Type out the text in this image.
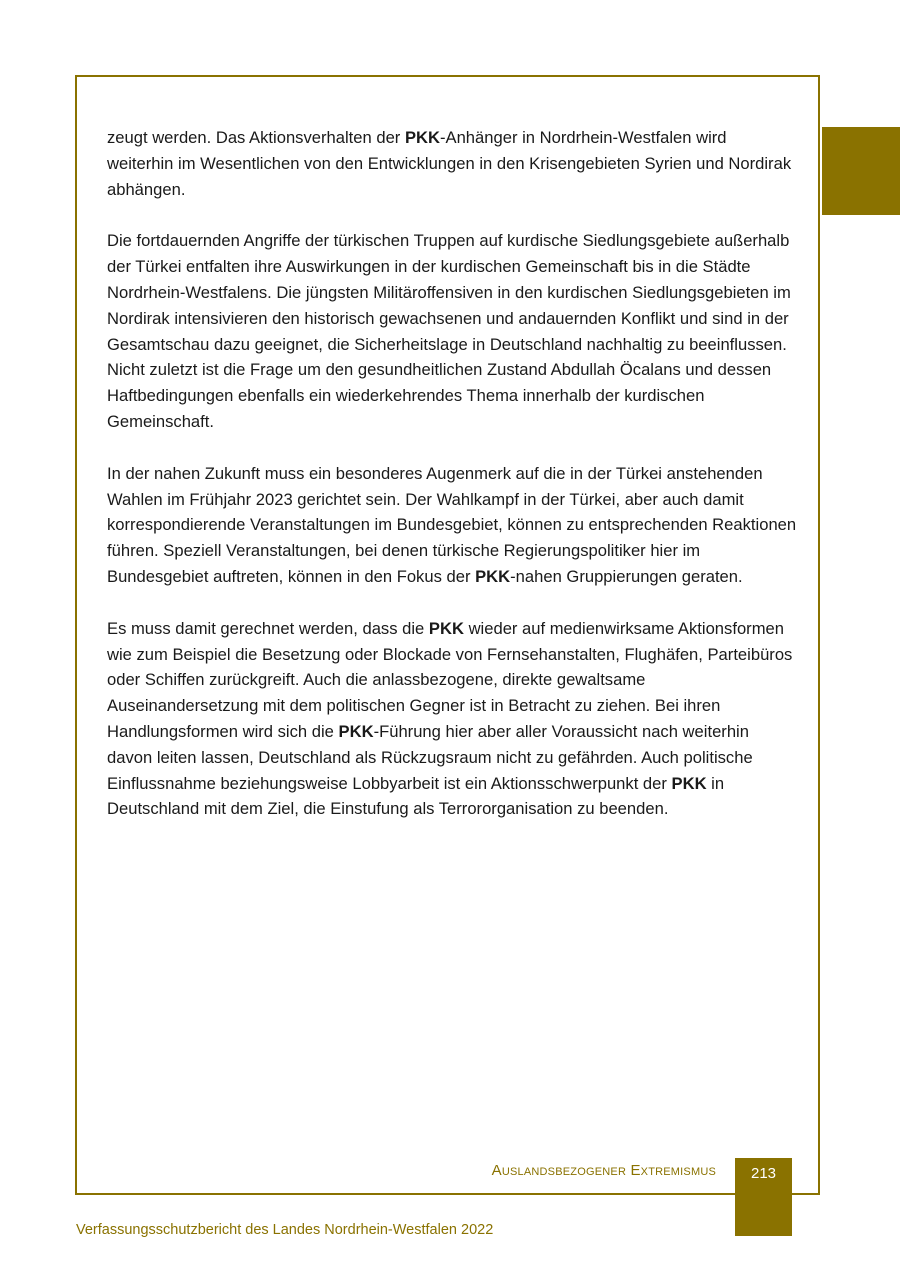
zeugt werden. Das Aktionsverhalten der PKK-Anhänger in Nordrhein-Westfalen wird weiterhin im Wesentlichen von den Entwicklungen in den Krisengebieten Syrien und Nordirak abhängen.

Die fortdauernden Angriffe der türkischen Truppen auf kurdische Siedlungsgebiete außerhalb der Türkei entfalten ihre Auswirkungen in der kurdischen Gemeinschaft bis in die Städte Nordrhein-Westfalens. Die jüngsten Militäroffensiven in den kurdischen Siedlungsgebieten im Nordirak intensivieren den historisch gewachsenen und andauernden Konflikt und sind in der Gesamtschau dazu geeignet, die Sicherheitslage in Deutschland nachhaltig zu beeinflussen. Nicht zuletzt ist die Frage um den gesundheitlichen Zustand Abdullah Öcalans und dessen Haftbedingungen ebenfalls ein wiederkehrendes Thema innerhalb der kurdischen Gemeinschaft.

In der nahen Zukunft muss ein besonderes Augenmerk auf die in der Türkei anstehenden Wahlen im Frühjahr 2023 gerichtet sein. Der Wahlkampf in der Türkei, aber auch damit korrespondierende Veranstaltungen im Bundesgebiet, können zu entsprechenden Reaktionen führen. Speziell Veranstaltungen, bei denen türkische Regierungspolitiker hier im Bundesgebiet auftreten, können in den Fokus der PKK-nahen Gruppierungen geraten.

Es muss damit gerechnet werden, dass die PKK wieder auf medienwirksame Aktionsformen wie zum Beispiel die Besetzung oder Blockade von Fernsehanstalten, Flughäfen, Parteibüros oder Schiffen zurückgreift. Auch die anlassbezogene, direkte gewaltsame Auseinandersetzung mit dem politischen Gegner ist in Betracht zu ziehen. Bei ihren Handlungsformen wird sich die PKK-Führung hier aber aller Voraussicht nach weiterhin davon leiten lassen, Deutschland als Rückzugsraum nicht zu gefährden. Auch politische Einflussnahme beziehungsweise Lobbyarbeit ist ein Aktionsschwerpunkt der PKK in Deutschland mit dem Ziel, die Einstufung als Terrororganisation zu beenden.

Auslandsbezogener Extremismus	213
Verfassungsschutzbericht des Landes Nordrhein-Westfalen 2022
